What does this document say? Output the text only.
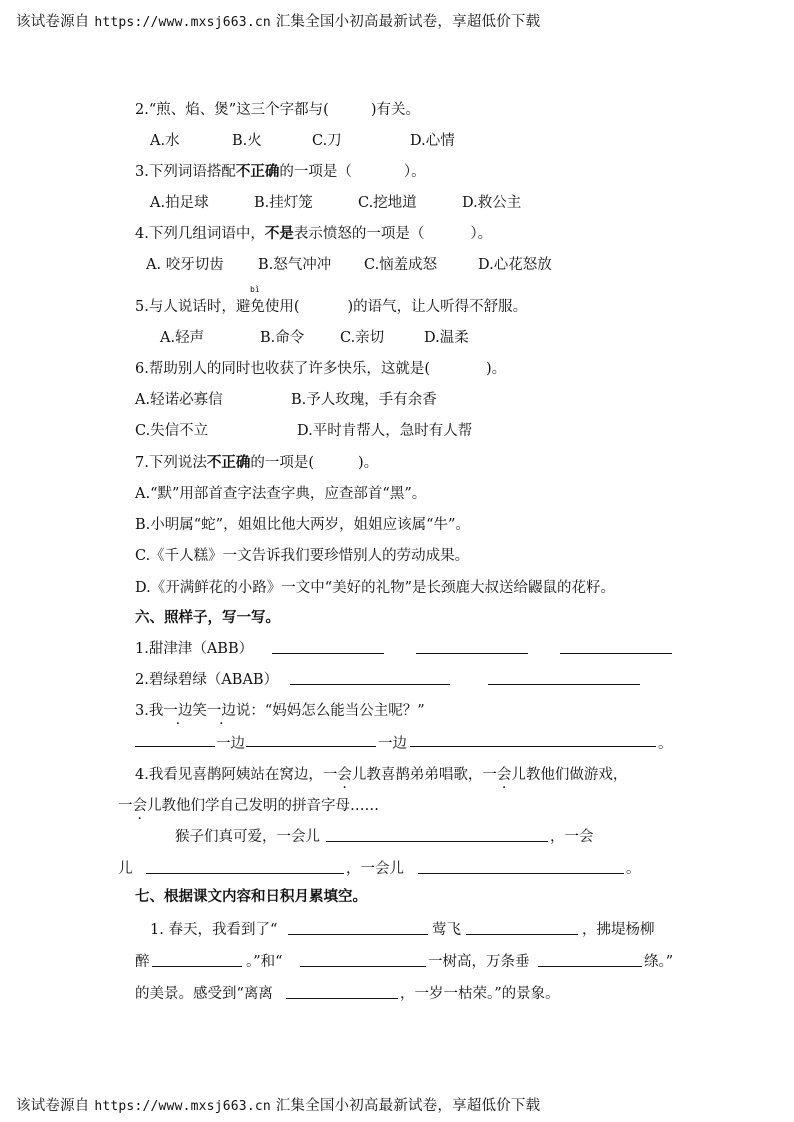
该试卷源自 https://www.mxsj663.cn 汇集全国小初高最新试卷，享超低价下载
2.“煎、焰、煲”这三个字都与(	)有关。
A.水	B.火	C.刀	D.心情
3.下列词语搭配不正确的一项是（	）。
A.拍足球	B.挂灯笼	C.挖地道	D.救公主
4.下列几组词语中，不是表示愤怒的一项是（	）。
A. 咬牙切齿 B.怒气冲冲 C.恼羞成怒	D.心花怒放
bì
5.与人说话时，避免使用(	)的语气，让人听得不舒服。
A.轻声	B.命令 C.亲切	D.温柔
6.帮助别人的同时也收获了许多快乐，这就是(	)。
A.轻诺必寡信	B.予人玫瑰，手有余香
C.失信不立	D.平时肯帮人，急时有人帮
7.下列说法不正确的一项是(	)。
A.“默”用部首查字法查字典，应查部首“黑”。
B.小明属“蛇”，姐姐比他大两岁，姐姐应该属“牛”。
C.《千人糕》一文告诉我们要珍惜别人的劳动成果。
D.《开满鲜花的小路》一文中“美好的礼物”是长颈鹿大叔送给鼹鼠的花籽。
六、照样子，写一写。
1.甜津津（ABB）
2.碧绿碧绿（ABAB）
3.我一边笑一边说：“妈妈怎么能当公主呢？”
一边	一边	。
4.我看见喜鹊阿姨站在窝边，一会儿教喜鹊弟弟唱歌，一会儿教他们做游戏，
一会儿教他们学自己发明的拼音字母……
猴子们真可爱，一会儿	，一会
儿	，一会儿	。
七、根据课文内容和日积月累填空。
1. 春天，我看到了“	莺飞	，拂堤杨柳
醉	。”和“	一树高，万条垂	绦。”
的美景。感受到“离离	，一岁一枯荣。”的景象。
该试卷源自 https://www.mxsj663.cn 汇集全国小初高最新试卷，享超低价下载
